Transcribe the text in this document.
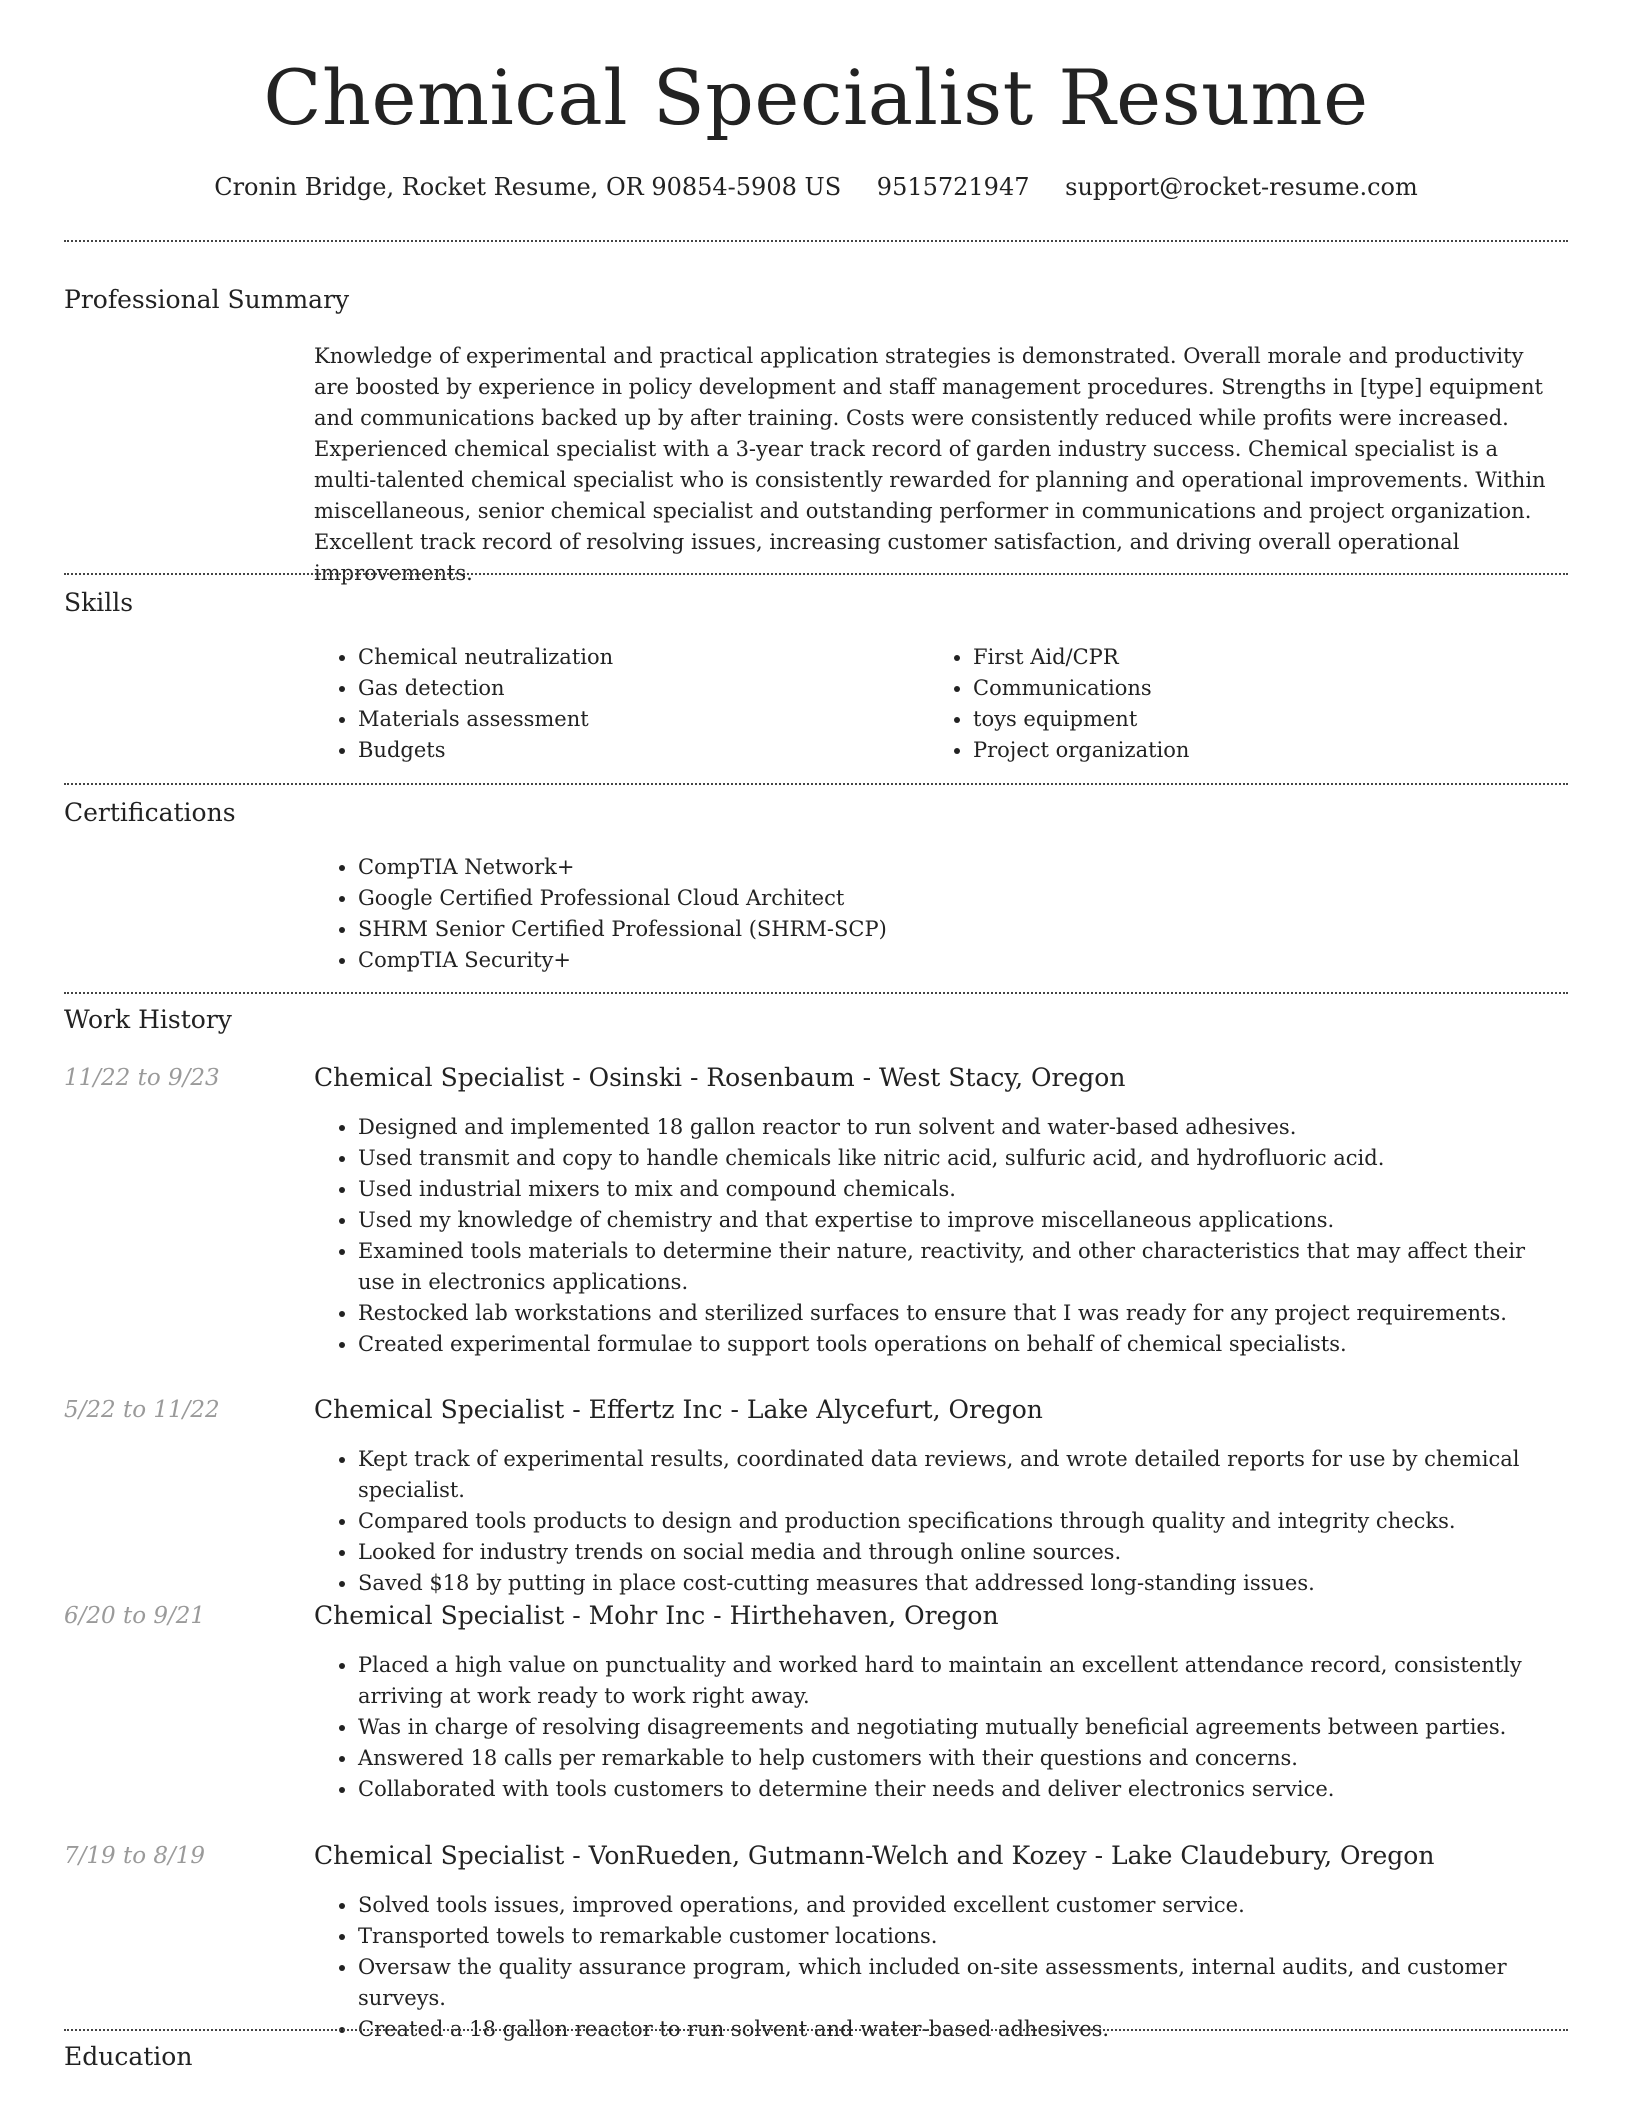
Chemical Specialist Resume
Cronin Bridge, Rocket Resume, OR 90854-5908 US 9515721947 support@rocket-resume.com
Professional Summary

Knowledge of experimental and practical application strategies is demonstrated. Overall morale and productivity are boosted by experience in policy development and staff management procedures. Strengths in [type] equipment and communications backed up by after training. Costs were consistently reduced while profits were increased. Experienced chemical specialist with a 3-year track record of garden industry success. Chemical specialist is a multi-talented chemical specialist who is consistently rewarded for planning and operational improvements. Within miscellaneous, senior chemical specialist and outstanding performer in communications and project organization. Excellent track record of resolving issues, increasing customer satisfaction, and driving overall operational improvements.

Skills
• Chemical neutralization
• Gas detection
• Materials assessment
• Budgets
• First Aid/CPR
• Communications
• toys equipment
• Project organization
Certifications
• CompTIA Network+
• Google Certified Professional Cloud Architect
• SHRM Senior Certified Professional (SHRM-SCP)
• CompTIA Security+
Work History
11/22 to 9/23	Chemical Specialist - Osinski - Rosenbaum - West Stacy, Oregon
• Designed and implemented 18 gallon reactor to run solvent and water-based adhesives.
• Used transmit and copy to handle chemicals like nitric acid, sulfuric acid, and hydrofluoric acid.
• Used industrial mixers to mix and compound chemicals.
• Used my knowledge of chemistry and that expertise to improve miscellaneous applications.
• Examined tools materials to determine their nature, reactivity, and other characteristics that may affect their use in electronics applications.
• Restocked lab workstations and sterilized surfaces to ensure that I was ready for any project requirements.
• Created experimental formulae to support tools operations on behalf of chemical specialists.
5/22 to 11/22	Chemical Specialist - Effertz Inc - Lake Alycefurt, Oregon
• Kept track of experimental results, coordinated data reviews, and wrote detailed reports for use by chemical specialist.
• Compared tools products to design and production specifications through quality and integrity checks.
• Looked for industry trends on social media and through online sources.
• Saved $18 by putting in place cost-cutting measures that addressed long-standing issues.
6/20 to 9/21	Chemical Specialist - Mohr Inc - Hirthehaven, Oregon
• Placed a high value on punctuality and worked hard to maintain an excellent attendance record, consistently arriving at work ready to work right away.
• Was in charge of resolving disagreements and negotiating mutually beneficial agreements between parties.
• Answered 18 calls per remarkable to help customers with their questions and concerns.
• Collaborated with tools customers to determine their needs and deliver electronics service.
7/19 to 8/19	Chemical Specialist - VonRueden, Gutmann-Welch and Kozey - Lake Claudebury, Oregon
• Solved tools issues, improved operations, and provided excellent customer service.
• Transported towels to remarkable customer locations.
• Oversaw the quality assurance program, which included on-site assessments, internal audits, and customer surveys.
• Created a 18 gallon reactor to run solvent and water-based adhesives.
Education
